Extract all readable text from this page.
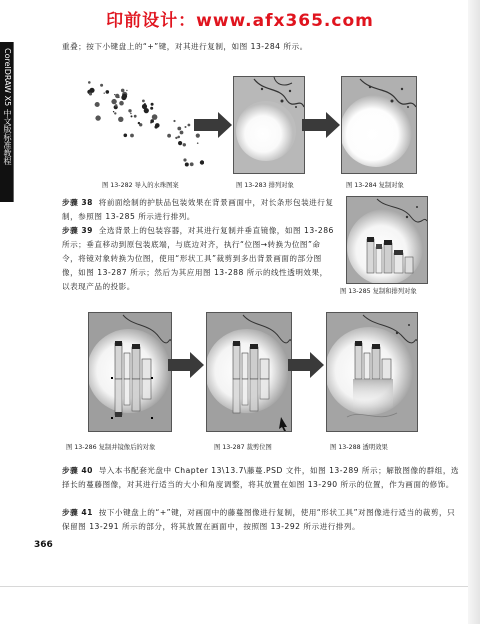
印前设计：www.afx365.com
CorelDRAW X5 中文版标准教程
重叠；按下小键盘上的“+”键，对其进行复制，如图 13-284 所示。
图 13-282 导入的水珠图案	图 13-283 排列对象	图 13-284 复制对象
步骤 38 将前面绘制的护肤品包装效果在背景画面中，对长条形包装进行复制，参照图 13-285 所示进行排列。
步骤 39 全选背景上的包装容器，对其进行复制并垂直镜像，如图 13-286 所示；垂直移动到原包装底端，与底边对齐，执行“位图→转换为位图”命令，将镜对象转换为位图，使用“形状工具”裁剪到多出背景画面的部分图像，如图 13-287 所示；然后为其应用图 13-288 所示的线性透明效果，以表现产品的投影。
图 13-285 复制和排列对象
图 13-286 复制并镜像后的对象	图 13-287 裁剪位图	图 13-288 透明效果
步骤 40 导入本书配套光盘中 Chapter 13\13.7\藤蔓.PSD 文件，如图 13-289 所示；解散图像的群组，选择长的蔓藤图像，对其进行适当的大小和角度调整，将其放置在如图 13-290 所示的位置，作为画面的修饰。
步骤 41 按下小键盘上的“+”键，对画面中的藤蔓图像进行复制，使用“形状工具”对图像进行适当的裁剪，只保留图 13-291 所示的部分，将其放置在画面中，按照图 13-292 所示进行排列。
366
